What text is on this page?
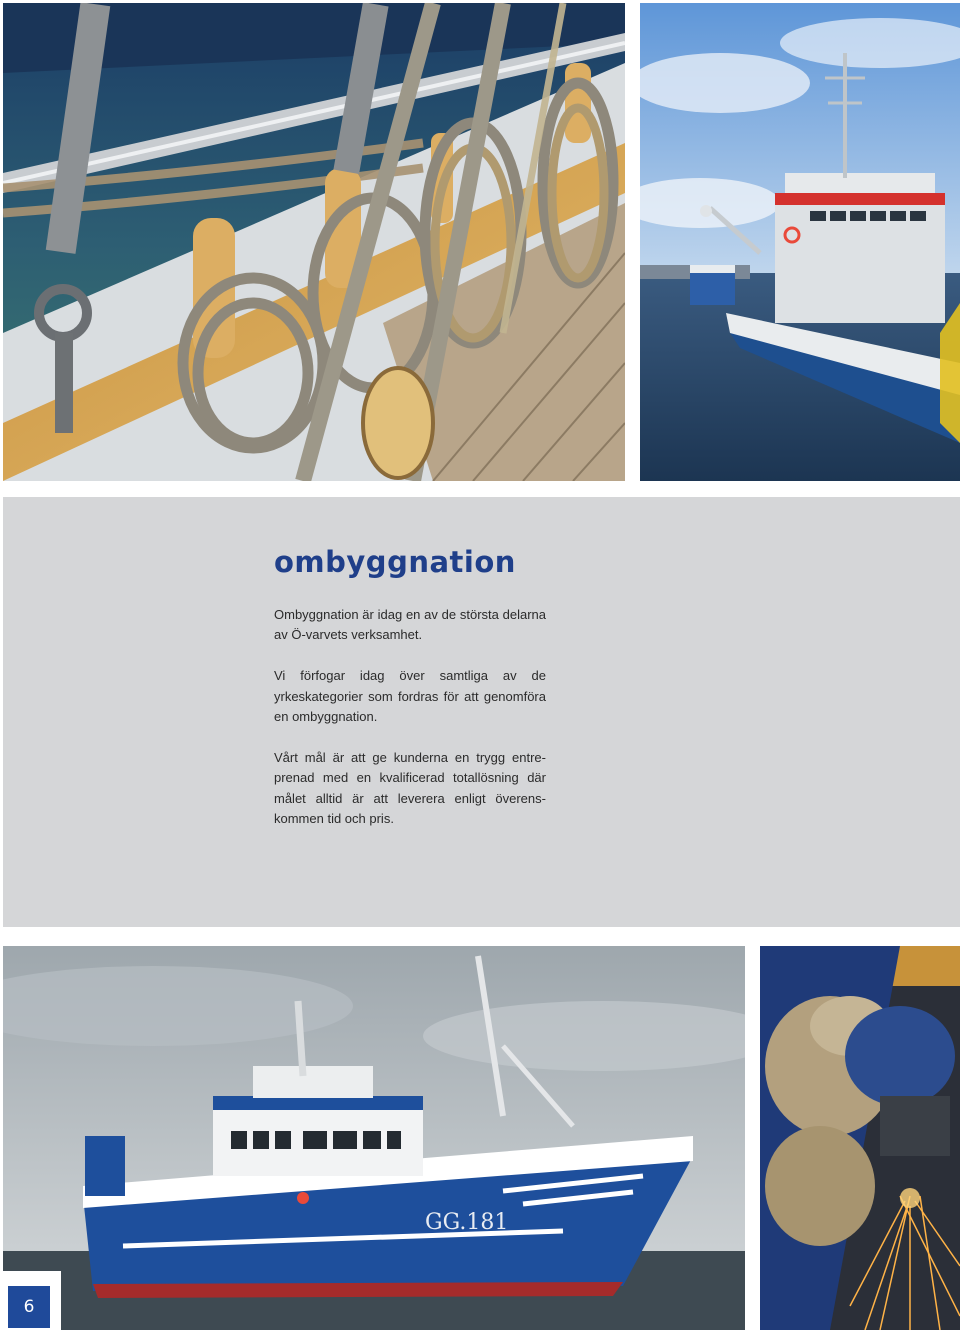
ombyggnation

Ombyggnation är idag en av de största delarna av Ö-varvets verksamhet.

Vi förfogar idag över samtliga av de yrkeskategorier som fordras för att genomföra en ombyggnation.

Vårt mål är att ge kunderna en trygg entreprenad med en kvalificerad totallösning där målet alltid är att leverera enligt överenskommen tid och pris.

GG.181
6
